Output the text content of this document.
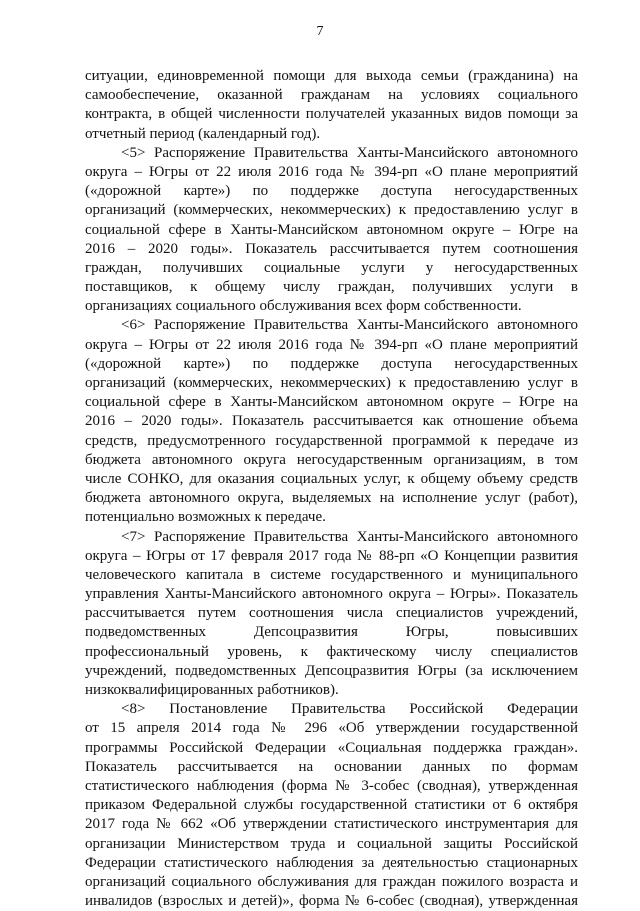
7
ситуации, единовременной помощи для выхода семьи (гражданина) на
самообеспечение, оказанной гражданам на условиях социального
контракта, в общей численности получателей указанных видов помощи за
отчетный период (календарный год).
<5> Распоряжение Правительства Ханты-Мансийского автономного
округа – Югры от 22 июля 2016 года № 394-рп «О плане мероприятий
(«дорожной карте») по поддержке доступа негосударственных
организаций (коммерческих, некоммерческих) к предоставлению услуг в
социальной сфере в Ханты-Мансийском автономном округе – Югре на
2016 – 2020 годы». Показатель рассчитывается путем соотношения
граждан, получивших социальные услуги у негосударственных
поставщиков, к общему числу граждан, получивших услуги в
организациях социального обслуживания всех форм собственности.
<6> Распоряжение Правительства Ханты-Мансийского автономного
округа – Югры от 22 июля 2016 года № 394-рп «О плане мероприятий
(«дорожной карте») по поддержке доступа негосударственных
организаций (коммерческих, некоммерческих) к предоставлению услуг в
социальной сфере в Ханты-Мансийском автономном округе – Югре на
2016 – 2020 годы». Показатель рассчитывается как отношение объема
средств, предусмотренного государственной программой к передаче из
бюджета автономного округа негосударственным организациям, в том
числе СОНКО, для оказания социальных услуг, к общему объему средств
бюджета автономного округа, выделяемых на исполнение услуг (работ),
потенциально возможных к передаче.
<7> Распоряжение Правительства Ханты-Мансийского автономного
округа – Югры от 17 февраля 2017 года № 88-рп «О Концепции развития
человеческого капитала в системе государственного и муниципального
управления Ханты-Мансийского автономного округа – Югры». Показатель
рассчитывается путем соотношения числа специалистов учреждений,
подведомственных Депсоцразвития Югры, повысивших
профессиональный уровень, к фактическому числу специалистов
учреждений, подведомственных Депсоцразвития Югры (за исключением
низкоквалифицированных работников).
<8> Постановление Правительства Российской Федерации
от 15 апреля 2014 года № 296 «Об утверждении государственной
программы Российской Федерации «Социальная поддержка граждан».
Показатель рассчитывается на основании данных по формам
статистического наблюдения (форма № 3-собес (сводная), утвержденная
приказом Федеральной службы государственной статистики от 6 октября
2017 года № 662 «Об утверждении статистического инструментария для
организации Министерством труда и социальной защиты Российской
Федерации статистического наблюдения за деятельностью стационарных
организаций социального обслуживания для граждан пожилого возраста и
инвалидов (взрослых и детей)», форма № 6-собес (сводная), утвержденная
